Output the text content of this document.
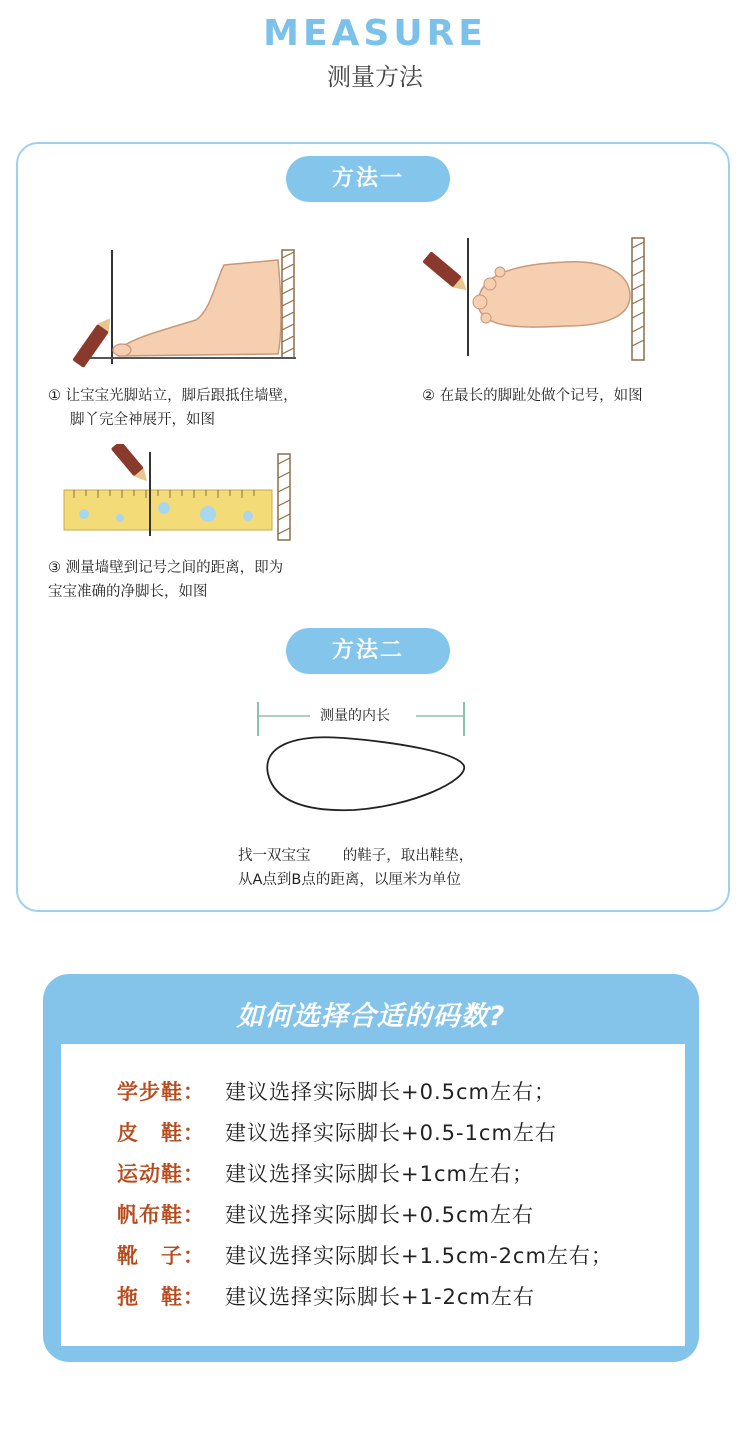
MEASURE
测量方法
方法一
① 让宝宝光脚站立，脚后跟抵住墙壁，
脚丫完全神展开，如图
② 在最长的脚趾处做个记号，如图
③ 测量墙壁到记号之间的距离，即为
宝宝准确的净脚长，如图
方法二
测量的内长
找一双宝宝       的鞋子，取出鞋垫，
从A点到B点的距离，以厘米为单位
如何选择合适的码数?
学步鞋： 建议选择实际脚长+0.5cm左右；
皮　鞋： 建议选择实际脚长+0.5-1cm左右
运动鞋： 建议选择实际脚长+1cm左右；
帆布鞋： 建议选择实际脚长+0.5cm左右
靴　子： 建议选择实际脚长+1.5cm-2cm左右；
拖　鞋： 建议选择实际脚长+1-2cm左右
